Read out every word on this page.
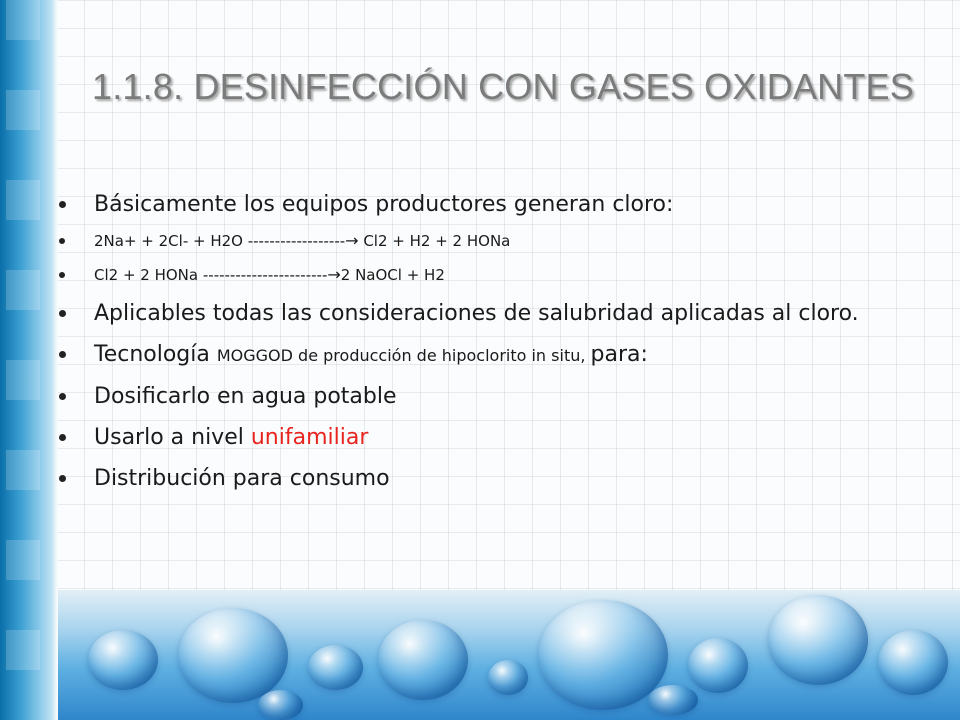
1.1.8. DESINFECCIÓN CON GASES OXIDANTES
Básicamente los equipos productores generan cloro:
2Na+ + 2Cl- + H2O ------------------→ Cl2 + H2 + 2 HONa
Cl2 + 2 HONa -----------------------→2 NaOCl + H2
Aplicables todas las consideraciones de salubridad aplicadas al cloro.
Tecnología MOGGOD de producción de hipoclorito in situ, para:
Dosificarlo en agua potable
Usarlo a nivel unifamiliar
Distribución para consumo
